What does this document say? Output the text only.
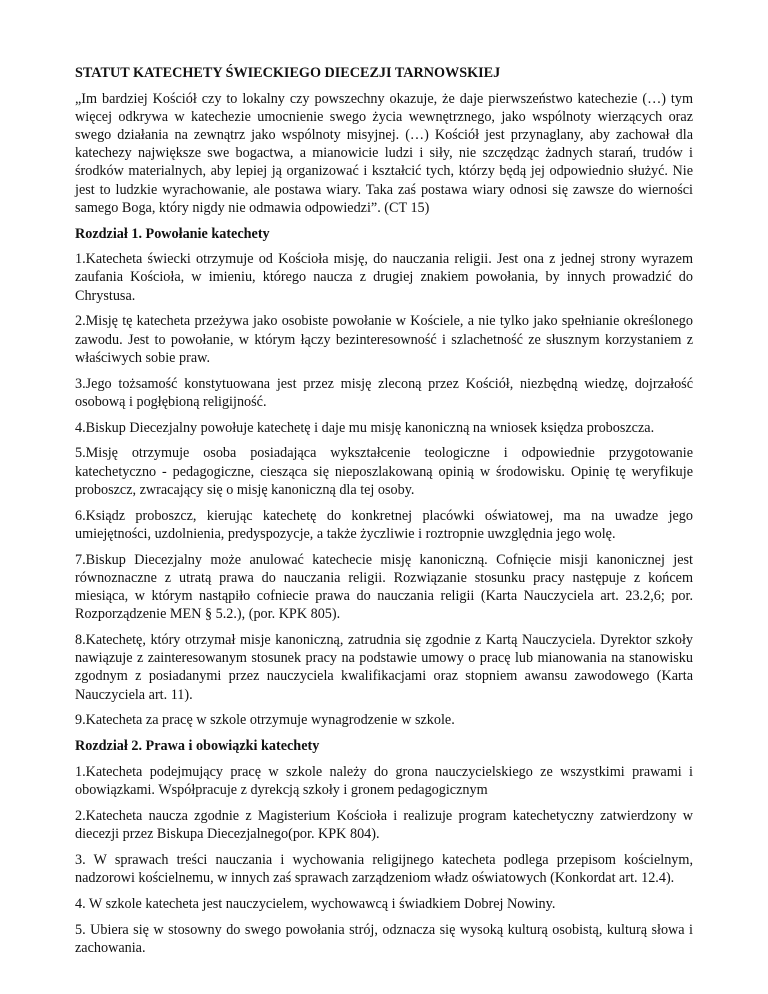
STATUT KATECHETY ŚWIECKIEGO DIECEZJI TARNOWSKIEJ

„Im bardziej Kościół czy to lokalny czy powszechny okazuje, że daje pierwszeństwo katechezie (…) tym więcej odkrywa w katechezie umocnienie swego życia wewnętrznego, jako wspólnoty wierzących oraz swego działania na zewnątrz jako wspólnoty misyjnej. (…) Kościół jest przynaglany, aby zachował dla katechezy największe swe bogactwa, a mianowicie ludzi i siły, nie szczędząc żadnych starań, trudów i środków materialnych, aby lepiej ją organizować i kształcić tych, którzy będą jej odpowiednio służyć. Nie jest to ludzkie wyrachowanie, ale postawa wiary. Taka zaś postawa wiary odnosi się zawsze do wierności samego Boga, który nigdy nie odmawia odpowiedzi”. (CT 15)

Rozdział 1. Powołanie katechety

1.Katecheta świecki otrzymuje od Kościoła misję, do nauczania religii. Jest ona z jednej strony wyrazem zaufania Kościoła, w imieniu, którego naucza z drugiej znakiem powołania, by innych prowadzić do Chrystusa.

2.Misję tę katecheta przeżywa jako osobiste powołanie w Kościele, a nie tylko jako spełnianie określonego zawodu. Jest to powołanie, w którym łączy bezinteresowność i szlachetność ze słusznym korzystaniem z właściwych sobie praw.

3.Jego tożsamość konstytuowana jest przez misję zleconą przez Kościół, niezbędną wiedzę, dojrzałość osobową i pogłębioną religijność.

4.Biskup Diecezjalny powołuje katechetę i daje mu misję kanoniczną na wniosek księdza proboszcza.

5.Misję otrzymuje osoba posiadająca wykształcenie teologiczne i odpowiednie przygotowanie katechetyczno - pedagogiczne, ciesząca się nieposzlakowaną opinią w środowisku. Opinię tę weryfikuje proboszcz, zwracający się o misję kanoniczną dla tej osoby.

6.Ksiądz proboszcz, kierując katechetę do konkretnej placówki oświatowej, ma na uwadze jego umiejętności, uzdolnienia, predyspozycje, a także życzliwie i roztropnie uwzględnia jego wolę.

7.Biskup Diecezjalny może anulować katechecie misję kanoniczną. Cofnięcie misji kanonicznej jest równoznaczne z utratą prawa do nauczania religii. Rozwiązanie stosunku pracy następuje z końcem miesiąca, w którym nastąpiło cofniecie prawa do nauczania religii (Karta Nauczyciela art. 23.2,6; por. Rozporządzenie MEN § 5.2.), (por. KPK 805).

8.Katechetę, który otrzymał misje kanoniczną, zatrudnia się zgodnie z Kartą Nauczyciela. Dyrektor szkoły nawiązuje z zainteresowanym stosunek pracy na podstawie umowy o pracę lub mianowania na stanowisku zgodnym z posiadanymi przez nauczyciela kwalifikacjami oraz stopniem awansu zawodowego (Karta Nauczyciela art. 11).

9.Katecheta za pracę w szkole otrzymuje wynagrodzenie w szkole.

Rozdział 2. Prawa i obowiązki katechety

1.Katecheta podejmujący pracę w szkole należy do grona nauczycielskiego ze wszystkimi prawami i obowiązkami. Współpracuje z dyrekcją szkoły i gronem pedagogicznym

2.Katecheta naucza zgodnie z Magisterium Kościoła i realizuje program katechetyczny zatwierdzony w diecezji przez Biskupa Diecezjalnego(por. KPK 804).

3. W sprawach treści nauczania i wychowania religijnego katecheta podlega przepisom kościelnym, nadzorowi kościelnemu, w innych zaś sprawach zarządzeniom władz oświatowych (Konkordat art. 12.4).

4. W szkole katecheta jest nauczycielem, wychowawcą i świadkiem Dobrej Nowiny.

5. Ubiera się w stosowny do swego powołania strój, odznacza się wysoką kulturą osobistą, kulturą słowa i zachowania.
